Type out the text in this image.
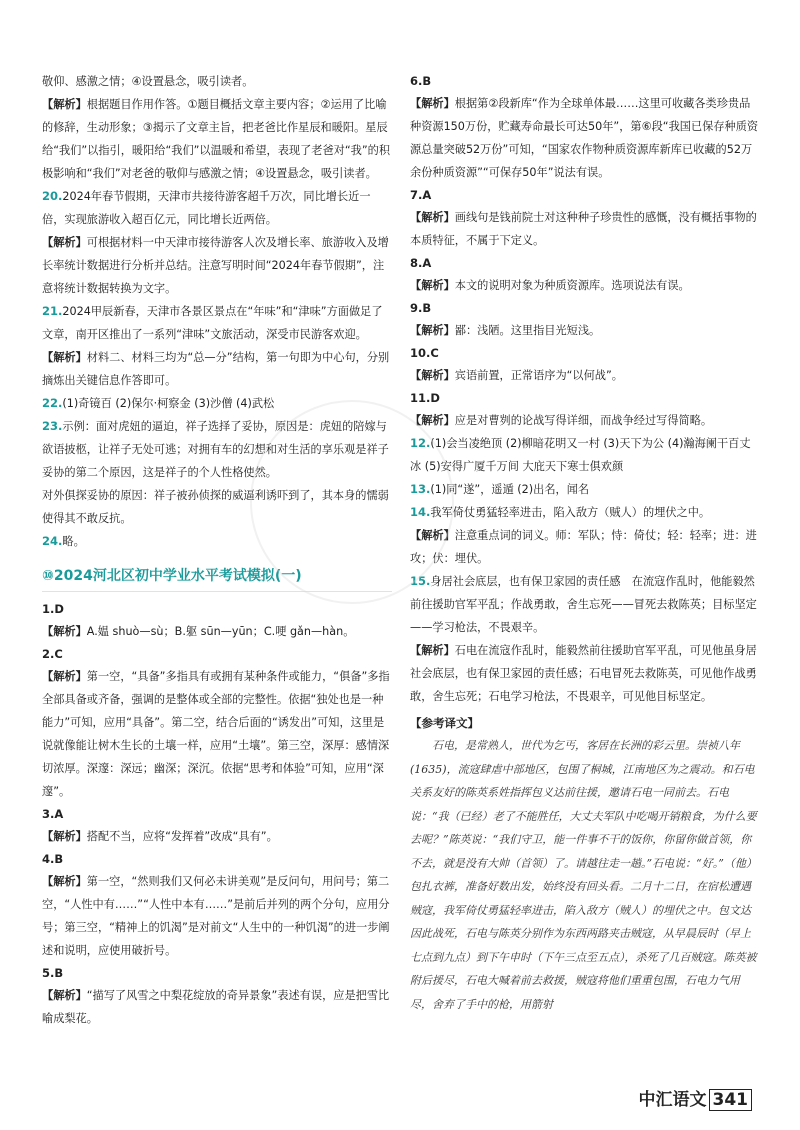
敬仰、感激之情；④设置悬念，吸引读者。

【解析】根据题目作用作答。①题目概括文章主要内容；②运用了比喻的修辞，生动形象；③揭示了文章主旨，把老爸比作星辰和暖阳。星辰给“我们”以指引，暖阳给“我们”以温暖和希望，表现了老爸对“我”的积极影响和“我们”对老爸的敬仰与感激之情；④设置悬念，吸引读者。

20.2024年春节假期，天津市共接待游客超千万次，同比增长近一倍，实现旅游收入超百亿元，同比增长近两倍。

【解析】可根据材料一中天津市接待游客人次及增长率、旅游收入及增长率统计数据进行分析并总结。注意写明时间“2024年春节假期”，注意将统计数据转换为文字。

21.2024甲辰新春，天津市各景区景点在“年味”和“津味”方面做足了文章，南开区推出了一系列“津味”文旅活动，深受市民游客欢迎。

【解析】材料二、材料三均为“总—分”结构，第一句即为中心句，分别摘炼出关键信息作答即可。

22.(1)奇镜百 (2)保尔·柯察金 (3)沙僧 (4)武松

23.示例：面对虎妞的逼迫，祥子选择了妥协，原因是：虎妞的陪嫁与欲语披柩，让祥子无处可逃；对拥有车的幻想和对生活的享乐观是祥子妥协的第二个原因，这是祥子的个人性格使然。

对外俱探妥协的原因：祥子被孙侦探的威逼利诱吓到了，其本身的懦弱使得其不敢反抗。

24.略。

⑩2024河北区初中学业水平考试模拟(一)

1.D

【解析】A.媪 shuò—sù；B.躯 sūn—yūn；C.哽 gǎn—hàn。

2.C

【解析】第一空，“具备”多指具有或拥有某种条件或能力，“俱备”多指全部具备或齐备，强调的是整体或全部的完整性。依据“独处也是一种能力”可知，应用“具备”。第二空，结合后面的“诱发出”可知，这里是说就像能让树木生长的土壤一样，应用“土壤”。第三空，深厚：感情深切浓厚。深邃：深远；幽深；深沉。依据“思考和体验”可知，应用“深邃”。

3.A

【解析】搭配不当，应将“发挥着”改成“具有”。

4.B

【解析】第一空，“然则我们又何必未讲美观”是反问句，用问号；第二空，“人性中有……”“人性中本有……”是前后并列的两个分句，应用分号；第三空，“精神上的饥渴”是对前文“人生中的一种饥渴”的进一步阐述和说明，应使用破折号。

5.B

【解析】“描写了风雪之中梨花绽放的奇异景象”表述有误，应是把雪比喻成梨花。

6.B

【解析】根据第②段新库“作为全球单体最……这里可收藏各类珍贵品种资源150万份，贮藏寿命最长可达50年”，第⑥段“我国已保存种质资源总量突破52万份”可知，“国家农作物种质资源库新库已收藏的52万余份种质资源”“可保存50年”说法有误。

7.A

【解析】画线句是钱前院士对这种种子珍贵性的感慨，没有概括事物的本质特征，不属于下定义。

8.A

【解析】本文的说明对象为种质资源库。选项说法有误。

9.B

【解析】鄙：浅陋。这里指目光短浅。

10.C

【解析】宾语前置，正常语序为“以何战”。

11.D

【解析】应是对曹刿的论战写得详细，而战争经过写得简略。

12.(1)会当凌绝顶 (2)柳暗花明又一村 (3)天下为公 (4)瀚海阑干百丈冰 (5)安得广厦千万间 大庇天下寒士俱欢颜

13.(1)同“遂”，遥遁 (2)出名，闻名

14.我军倚仗勇猛轻率进击，陷入敌方（贼人）的埋伏之中。

【解析】注意重点词的词义。师：军队；恃：倚仗；轻：轻率；进：进攻；伏：埋伏。

15.身居社会底层，也有保卫家园的责任感　在流寇作乱时，他能毅然前往援助官军平乱；作战勇敢，舍生忘死——冒死去救陈英；目标坚定——学习枪法，不畏艰辛。

【解析】石电在流寇作乱时，能毅然前往援助官军平乱，可见他虽身居社会底层，也有保卫家园的责任感；石电冒死去救陈英，可见他作战勇敢，舍生忘死；石电学习枪法，不畏艰辛，可见他目标坚定。

【参考译文】

石电，是常熟人，世代为乞丐，客居在长洲的彩云里。崇祯八年(1635)，流寇肆虐中部地区，包围了桐城，江南地区为之震动。和石电关系友好的陈英系姓指挥包义达前往援，邀请石电一同前去。石电说：“我（已经）老了不能胜任，大丈夫军队中吃喝开销粮食，为什么要去呢？”陈英说：“我们守卫，能一件事不干的饭你，你留你做首领，你不去，就是没有大帅（首领）了。请越往走一趟。”石电说：“好。”（他）包扎衣裤，准备好数出发，始终没有回头看。二月十二日，在宿松遭遇贼寇，我军倚仗勇猛轻率进击，陷入敌方（贼人）的埋伏之中。包文达因此战死，石电与陈英分别作为东西两路夹击贼寇，从早晨辰时（早上七点到九点）到下午申时（下午三点至五点），杀死了几百贼寇。陈英被附后援尽，石电大喊着前去救援，贼寇将他们重重包围，石电力气用尽，舍弃了手中的枪，用箭射

中汇语文 341
